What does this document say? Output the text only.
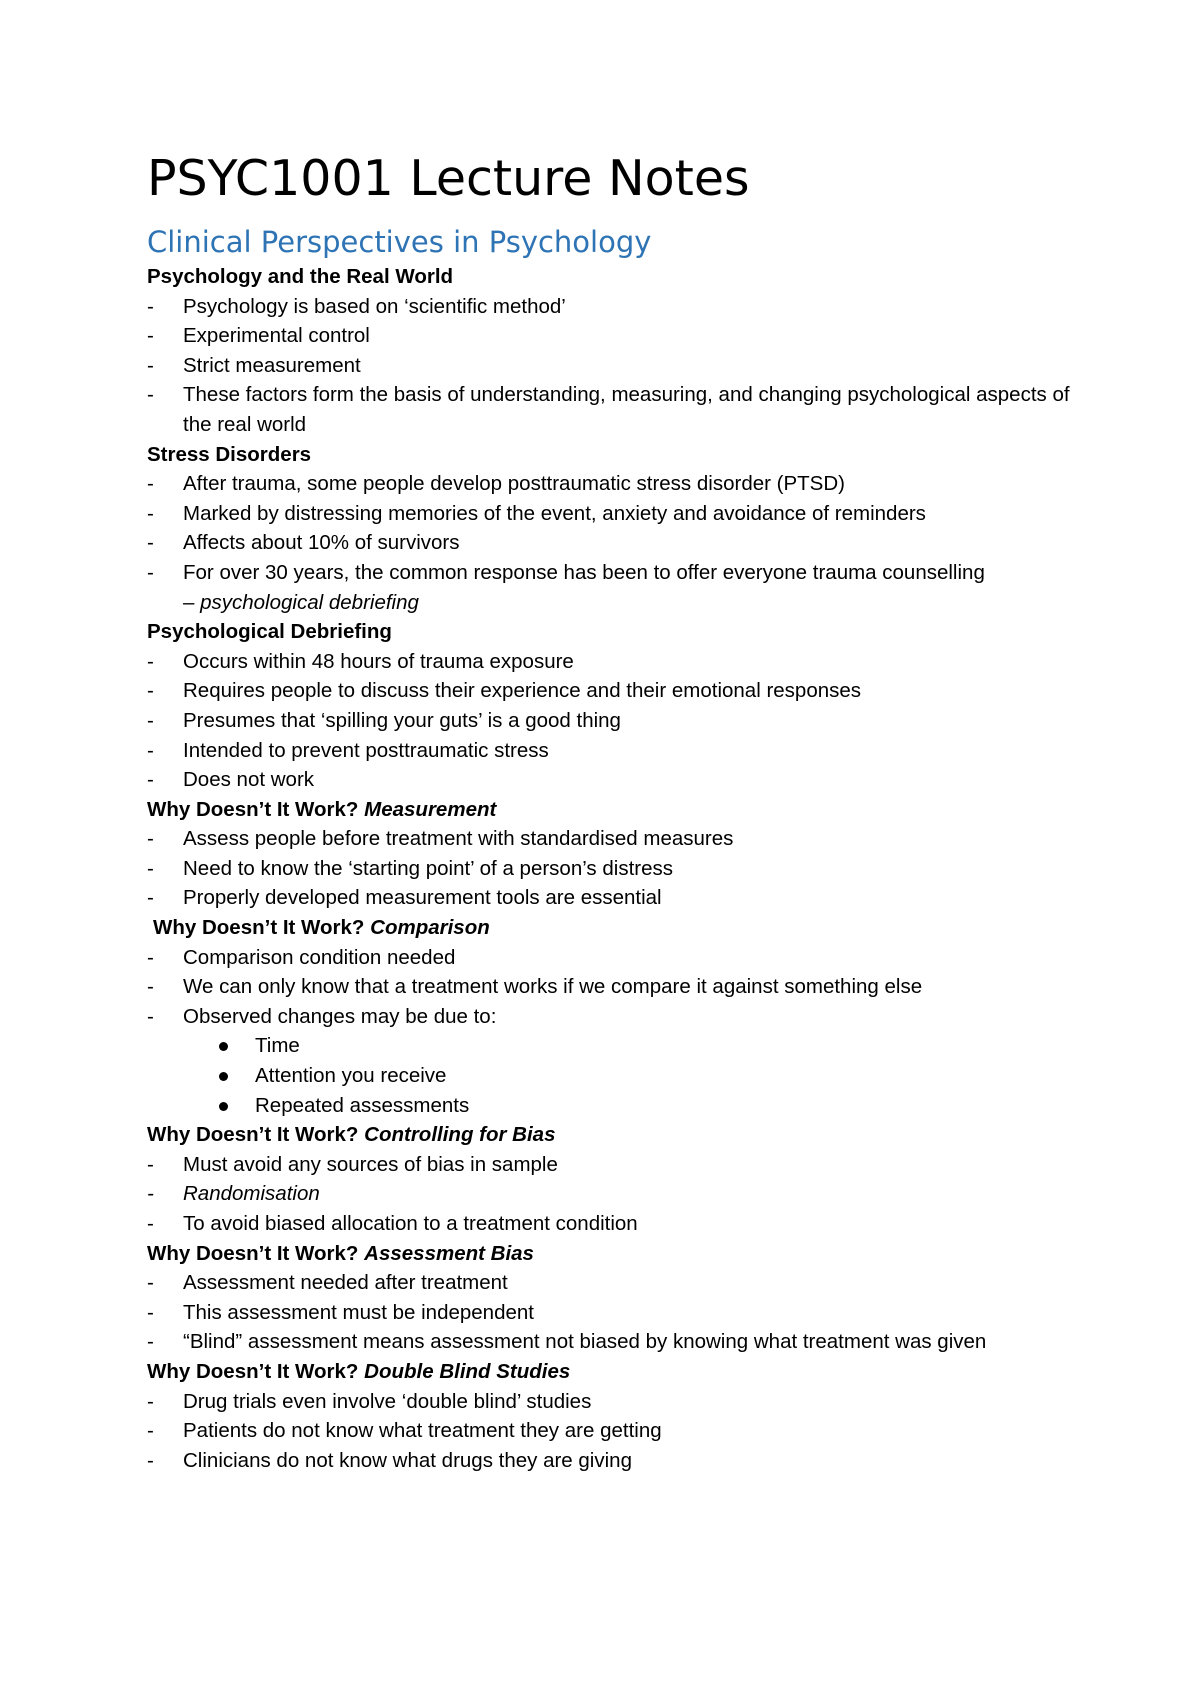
PSYC1001 Lecture Notes
Clinical Perspectives in Psychology
Psychology and the Real World
- Psychology is based on ‘scientific method’
- Experimental control
- Strict measurement
- These factors form the basis of understanding, measuring, and changing psychological aspects of the real world
Stress Disorders
- After trauma, some people develop posttraumatic stress disorder (PTSD)
- Marked by distressing memories of the event, anxiety and avoidance of reminders
- Affects about 10% of survivors
- For over 30 years, the common response has been to offer everyone trauma counselling
– psychological debriefing
Psychological Debriefing
- Occurs within 48 hours of trauma exposure
- Requires people to discuss their experience and their emotional responses
- Presumes that ‘spilling your guts’ is a good thing
- Intended to prevent posttraumatic stress
- Does not work
Why Doesn’t It Work? Measurement
- Assess people before treatment with standardised measures
- Need to know the ‘starting point’ of a person’s distress
- Properly developed measurement tools are essential
Why Doesn’t It Work? Comparison
- Comparison condition needed
- We can only know that a treatment works if we compare it against something else
- Observed changes may be due to:
Time
Attention you receive
Repeated assessments
Why Doesn’t It Work? Controlling for Bias
- Must avoid any sources of bias in sample
- Randomisation
- To avoid biased allocation to a treatment condition
Why Doesn’t It Work? Assessment Bias
- Assessment needed after treatment
- This assessment must be independent
- “Blind” assessment means assessment not biased by knowing what treatment was given
Why Doesn’t It Work? Double Blind Studies
- Drug trials even involve ‘double blind’ studies
- Patients do not know what treatment they are getting
- Clinicians do not know what drugs they are giving
